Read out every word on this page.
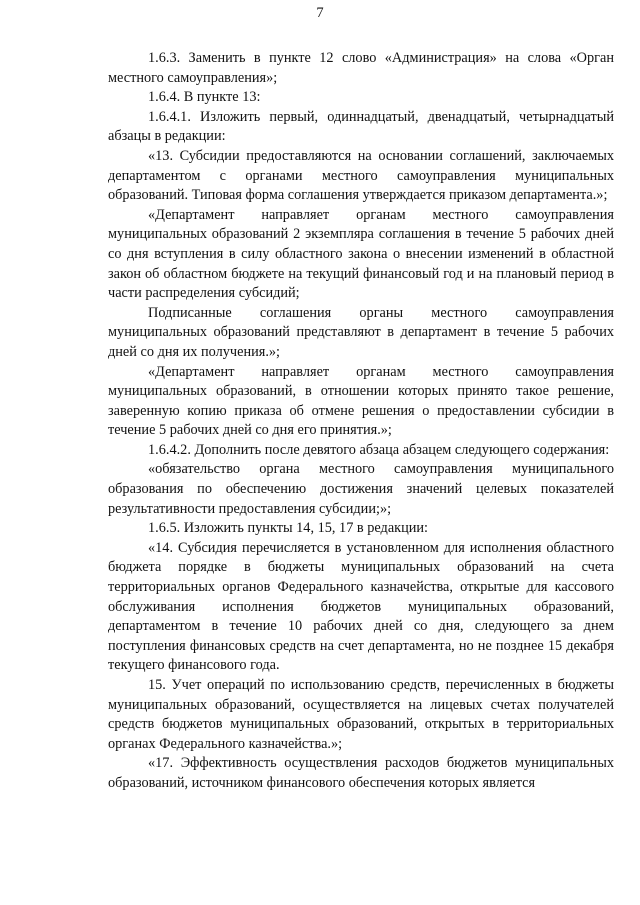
7

1.6.3. Заменить в пункте 12 слово «Администрация» на слова «Орган местного самоуправления»;

1.6.4. В пункте 13:

1.6.4.1. Изложить первый, одиннадцатый, двенадцатый, четырнадцатый абзацы в редакции:

«13. Субсидии предоставляются на основании соглашений, заключаемых департаментом с органами местного самоуправления муниципальных образований. Типовая форма соглашения утверждается приказом департамента.»;

«Департамент направляет органам местного самоуправления муниципальных образований 2 экземпляра соглашения в течение 5 рабочих дней со дня вступления в силу областного закона о внесении изменений в областной закон об областном бюджете на текущий финансовый год и на плановый период в части распределения субсидий;

Подписанные соглашения органы местного самоуправления муниципальных образований представляют в департамент в течение 5 рабочих дней со дня их получения.»;

«Департамент направляет органам местного самоуправления муниципальных образований, в отношении которых принято такое решение, заверенную копию приказа об отмене решения о предоставлении субсидии в течение 5 рабочих дней со дня его принятия.»;

1.6.4.2. Дополнить после девятого абзаца абзацем следующего содержания:

«обязательство органа местного самоуправления муниципального образования по обеспечению достижения значений целевых показателей результативности предоставления субсидии;»;

1.6.5. Изложить пункты 14, 15, 17 в редакции:

«14. Субсидия перечисляется в установленном для исполнения областного бюджета порядке в бюджеты муниципальных образований на счета территориальных органов Федерального казначейства, открытые для кассового обслуживания исполнения бюджетов муниципальных образований, департаментом в течение 10 рабочих дней со дня, следующего за днем поступления финансовых средств на счет департамента, но не позднее 15 декабря текущего финансового года.

15. Учет операций по использованию средств, перечисленных в бюджеты муниципальных образований, осуществляется на лицевых счетах получателей средств бюджетов муниципальных образований, открытых в территориальных органах Федерального казначейства.»;

«17. Эффективность осуществления расходов бюджетов муниципальных образований, источником финансового обеспечения которых является
